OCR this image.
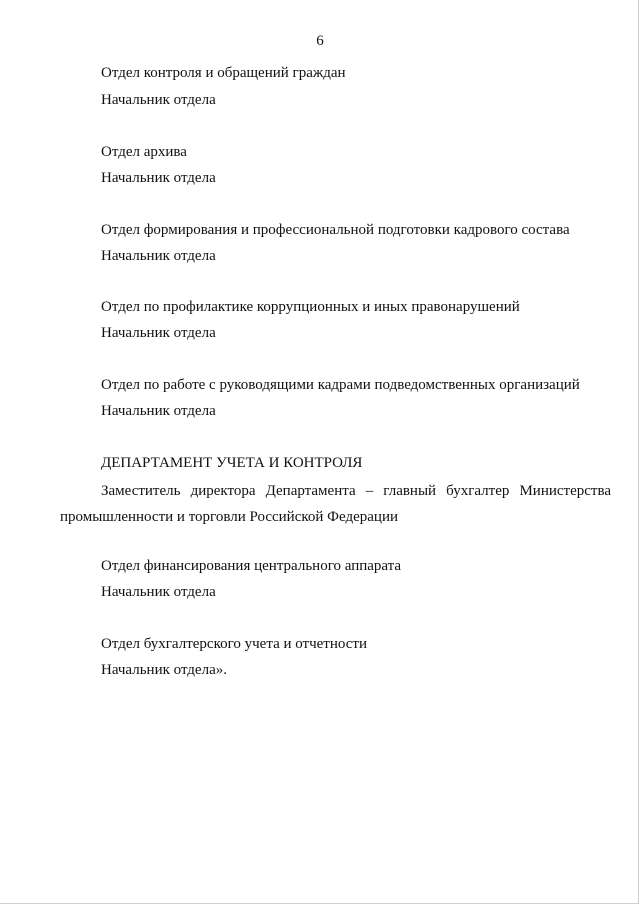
6
Отдел контроля и обращений граждан
Начальник отдела
Отдел архива
Начальник отдела
Отдел формирования и профессиональной подготовки кадрового состава
Начальник отдела
Отдел по профилактике коррупционных и иных правонарушений
Начальник отдела
Отдел по работе с руководящими кадрами подведомственных организаций
Начальник отдела
ДЕПАРТАМЕНТ УЧЕТА И КОНТРОЛЯ

Заместитель директора Департамента – главный бухгалтер Министерства промышленности и торговли Российской Федерации

Отдел финансирования центрального аппарата
Начальник отдела
Отдел бухгалтерского учета и отчетности
Начальник отдела».
